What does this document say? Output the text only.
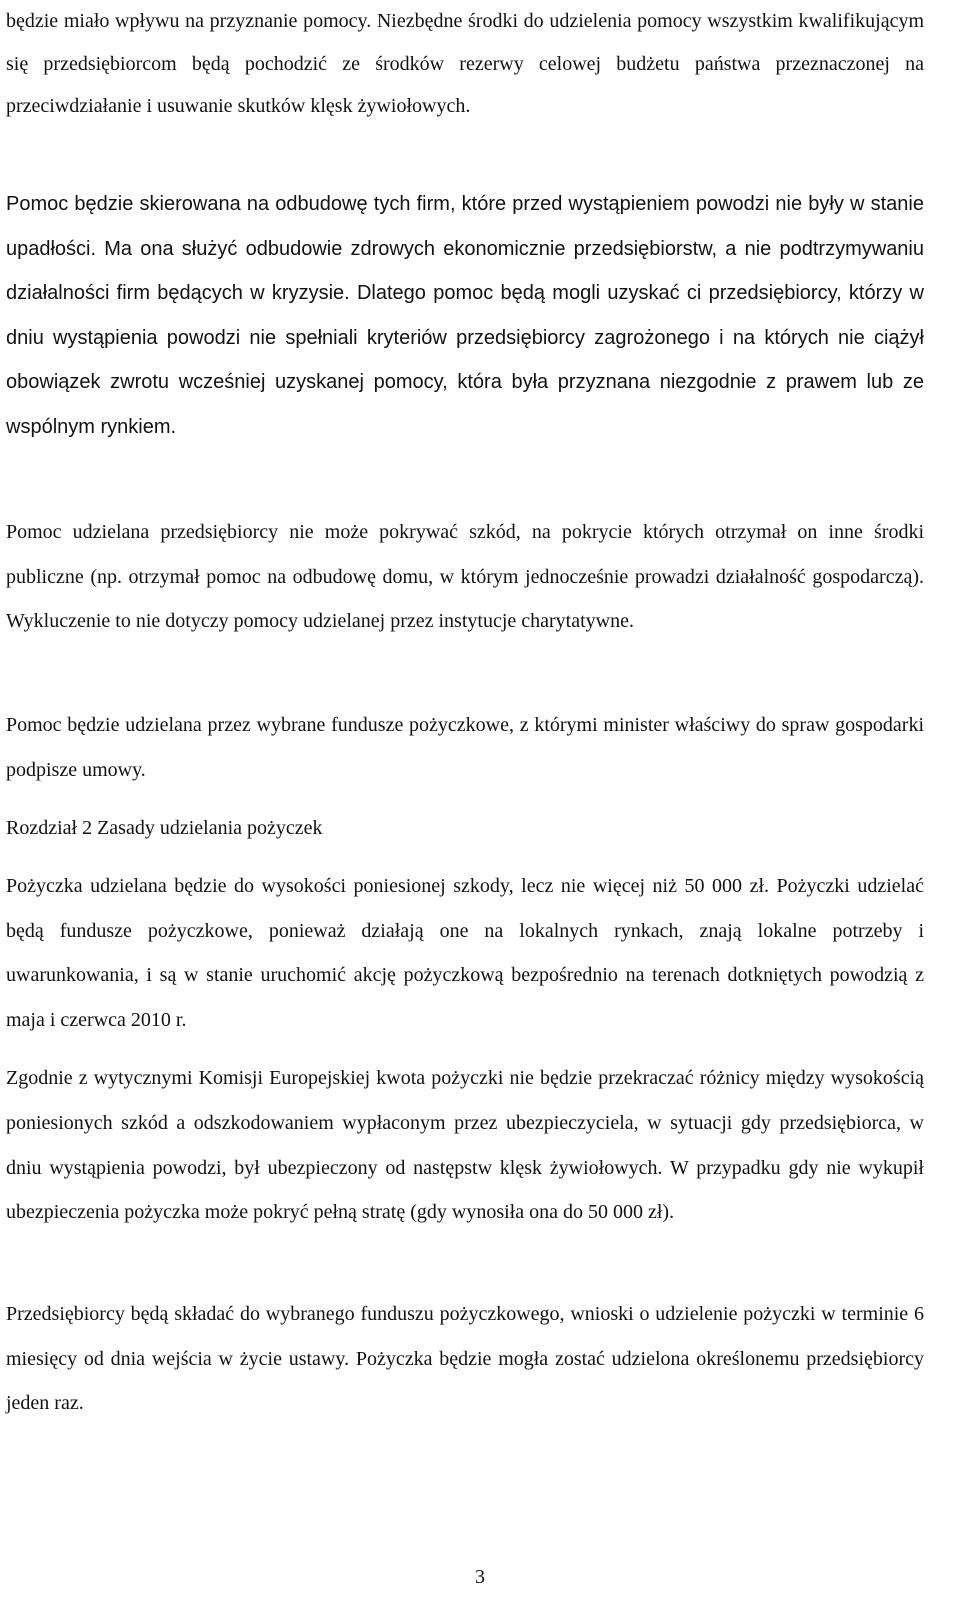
będzie miało wpływu na przyznanie pomocy. Niezbędne środki do udzielenia pomocy wszystkim kwalifikującym się przedsiębiorcom będą pochodzić ze środków rezerwy celowej budżetu państwa przeznaczonej na przeciwdziałanie i usuwanie skutków klęsk żywiołowych.

Pomoc będzie skierowana na odbudowę tych firm, które przed wystąpieniem powodzi nie były w stanie upadłości. Ma ona służyć odbudowie zdrowych ekonomicznie przedsiębiorstw, a nie podtrzymywaniu działalności firm będących w kryzysie. Dlatego pomoc będą mogli uzyskać ci przedsiębiorcy, którzy w dniu wystąpienia powodzi nie spełniali kryteriów przedsiębiorcy zagrożonego i na których nie ciążył obowiązek zwrotu wcześniej uzyskanej pomocy, która była przyznana niezgodnie z prawem lub ze wspólnym rynkiem.

Pomoc udzielana przedsiębiorcy nie może pokrywać szkód, na pokrycie których otrzymał on inne środki publiczne (np. otrzymał pomoc na odbudowę domu, w którym jednocześnie prowadzi działalność gospodarczą). Wykluczenie to nie dotyczy pomocy udzielanej przez instytucje charytatywne.

Pomoc będzie udzielana przez wybrane fundusze pożyczkowe, z którymi minister właściwy do spraw gospodarki podpisze umowy.

Rozdział 2 Zasady udzielania pożyczek

Pożyczka udzielana będzie do wysokości poniesionej szkody, lecz nie więcej niż 50 000 zł. Pożyczki udzielać będą fundusze pożyczkowe, ponieważ działają one na lokalnych rynkach, znają lokalne potrzeby i uwarunkowania, i są w stanie uruchomić akcję pożyczkową bezpośrednio na terenach dotkniętych powodzią z maja i czerwca 2010 r.

Zgodnie z wytycznymi Komisji Europejskiej kwota pożyczki nie będzie przekraczać różnicy między wysokością poniesionych szkód a odszkodowaniem wypłaconym przez ubezpieczyciela, w sytuacji gdy przedsiębiorca, w dniu wystąpienia powodzi, był ubezpieczony od następstw klęsk żywiołowych. W przypadku gdy nie wykupił ubezpieczenia pożyczka może pokryć pełną stratę (gdy wynosiła ona do 50 000 zł).

Przedsiębiorcy będą składać do wybranego funduszu pożyczkowego, wnioski o udzielenie pożyczki w terminie 6 miesięcy od dnia wejścia w życie ustawy. Pożyczka będzie mogła zostać udzielona określonemu przedsiębiorcy jeden raz.

3
